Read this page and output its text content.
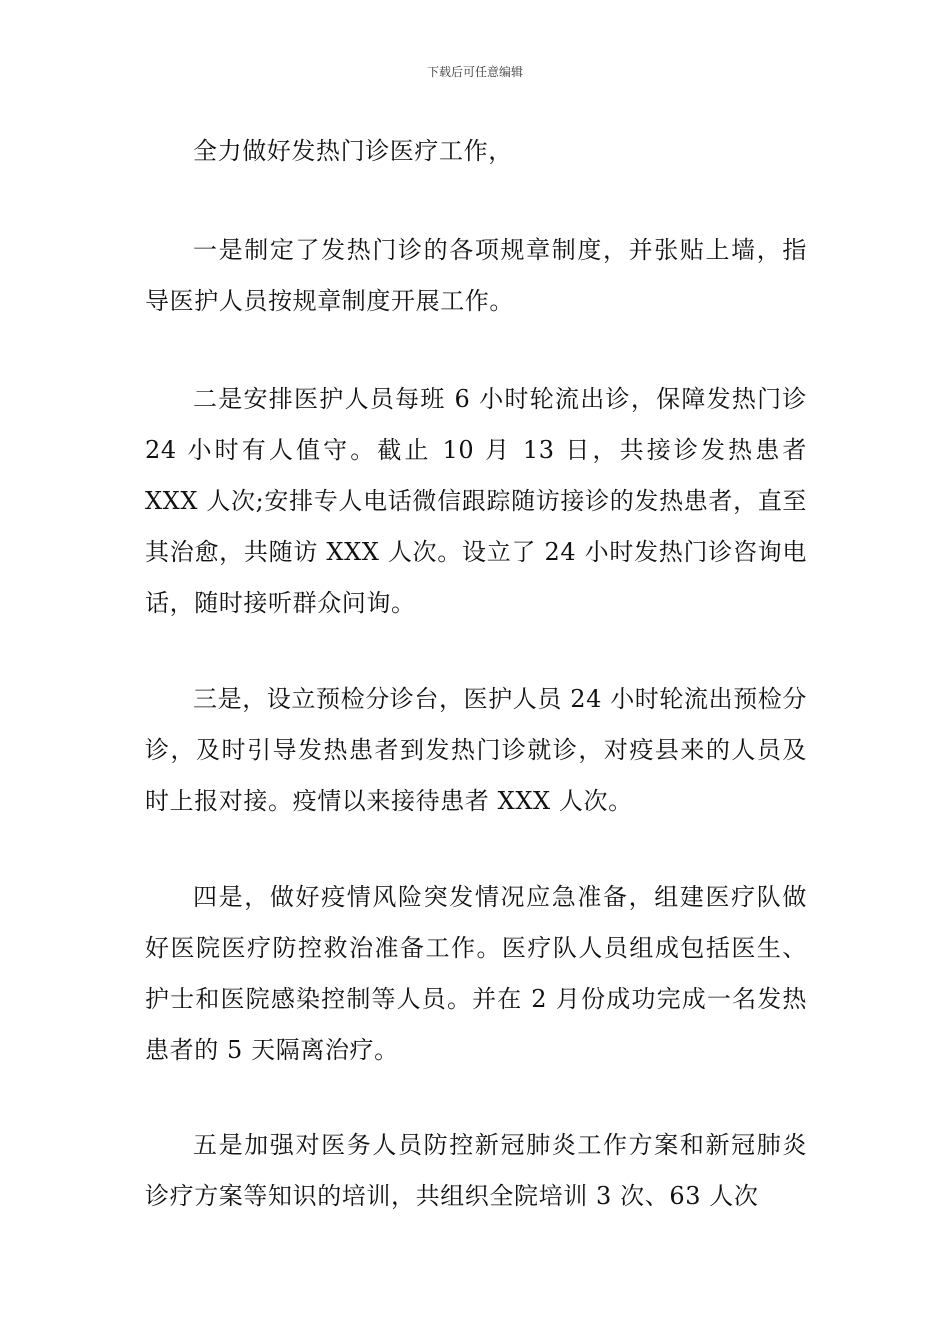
下载后可任意编辑

全力做好发热门诊医疗工作，

一是制定了发热门诊的各项规章制度，并张贴上墙，指导医护人员按规章制度开展工作。

二是安排医护人员每班 6 小时轮流出诊，保障发热门诊 24 小时有人值守。截止 10 月 13 日，共接诊发热患者 XXX 人次;安排专人电话微信跟踪随访接诊的发热患者，直至其治愈，共随访 XXX 人次。设立了 24 小时发热门诊咨询电话，随时接听群众问询。

三是，设立预检分诊台，医护人员 24 小时轮流出预检分诊，及时引导发热患者到发热门诊就诊，对疫县来的人员及时上报对接。疫情以来接待患者 XXX 人次。

四是，做好疫情风险突发情况应急准备，组建医疗队做好医院医疗防控救治准备工作。医疗队人员组成包括医生、护士和医院感染控制等人员。并在 2 月份成功完成一名发热患者的 5 天隔离治疗。

五是加强对医务人员防控新冠肺炎工作方案和新冠肺炎诊疗方案等知识的培训，共组织全院培训 3 次、63 人次
